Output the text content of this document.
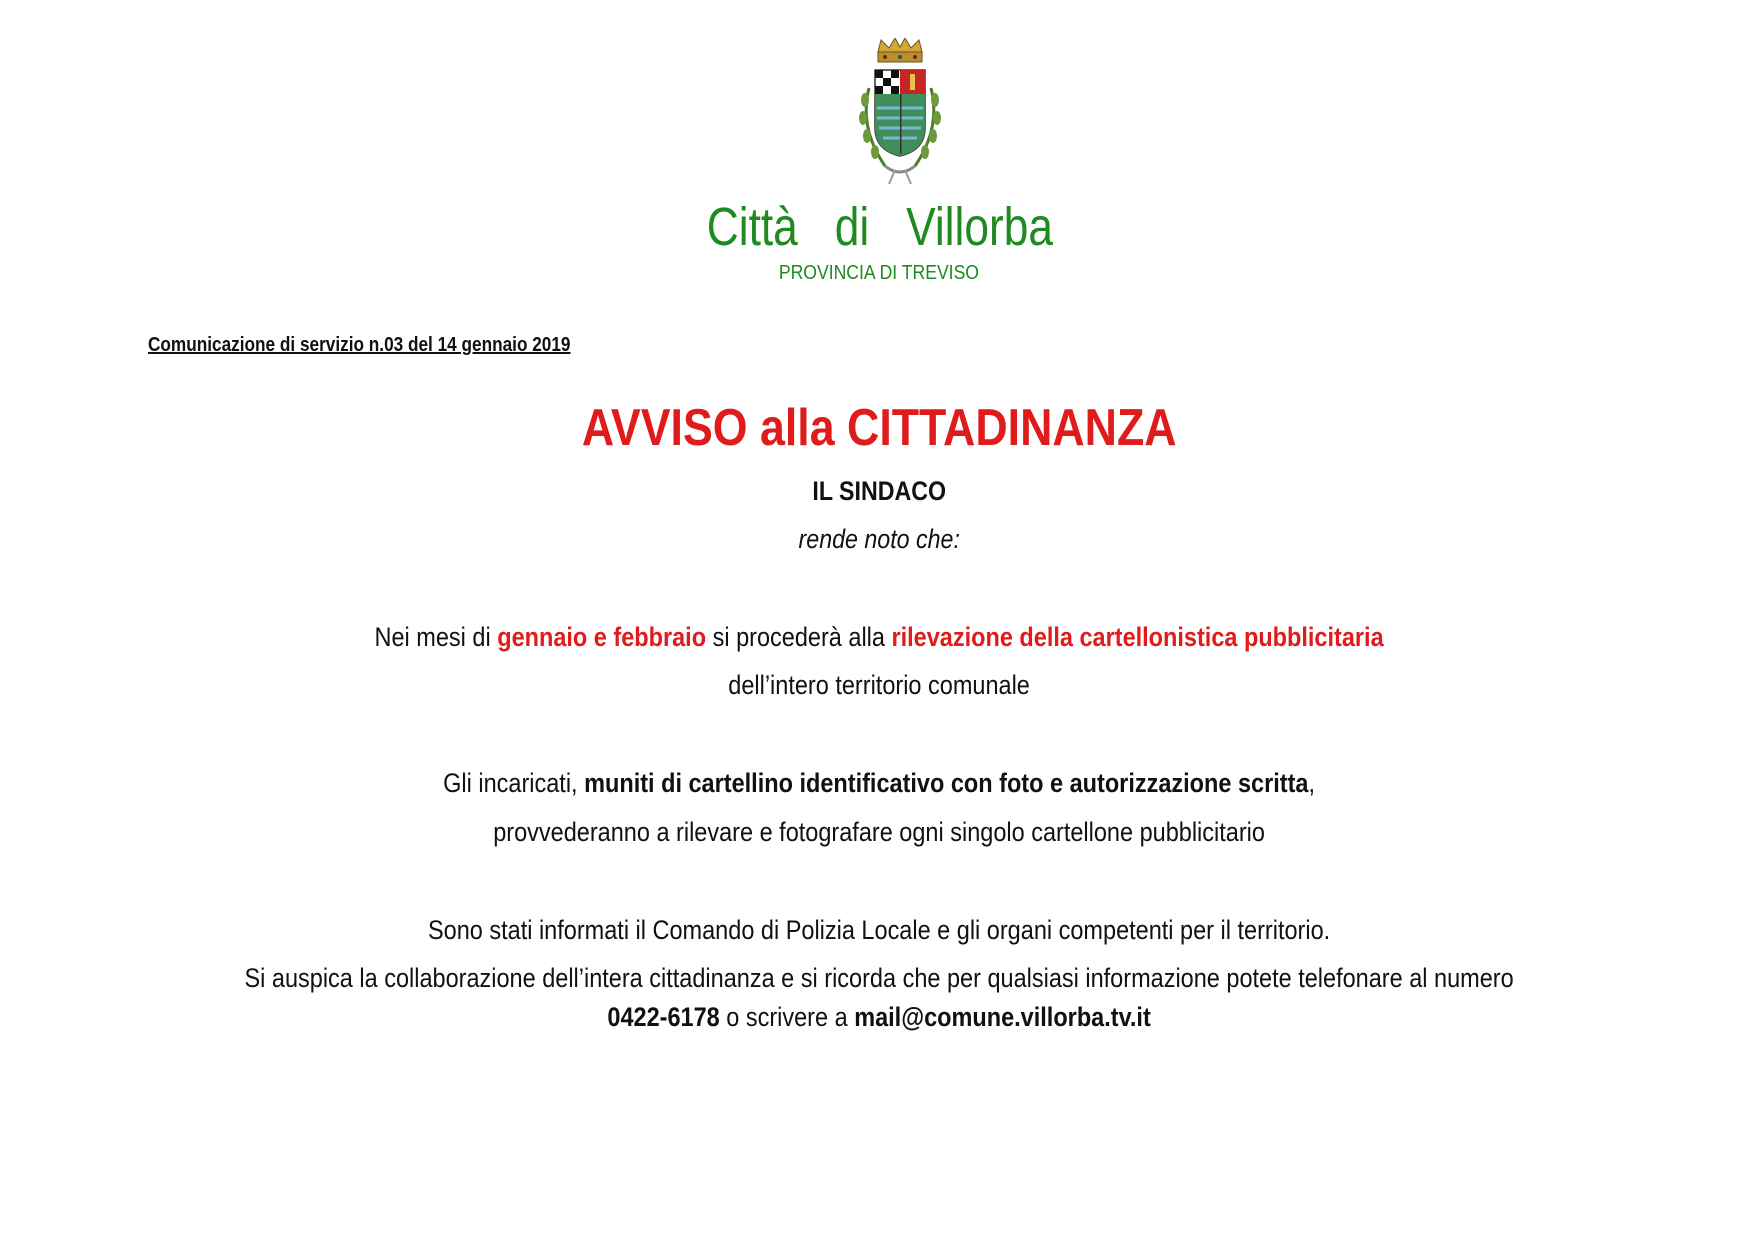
Città di Villorba
PROVINCIA DI TREVISO
Comunicazione di servizio n.03 del 14 gennaio 2019
AVVISO alla CITTADINANZA
IL SINDACO
rende noto che:
Nei mesi di gennaio e febbraio si procederà alla rilevazione della cartellonistica pubblicitaria
dell’intero territorio comunale
Gli incaricati, muniti di cartellino identificativo con foto e autorizzazione scritta,
provvederanno a rilevare e fotografare ogni singolo cartellone pubblicitario
Sono stati informati il Comando di Polizia Locale e gli organi competenti per il territorio.
Si auspica la collaborazione dell’intera cittadinanza e si ricorda che per qualsiasi informazione potete telefonare al numero
0422-6178 o scrivere a mail@comune.villorba.tv.it
